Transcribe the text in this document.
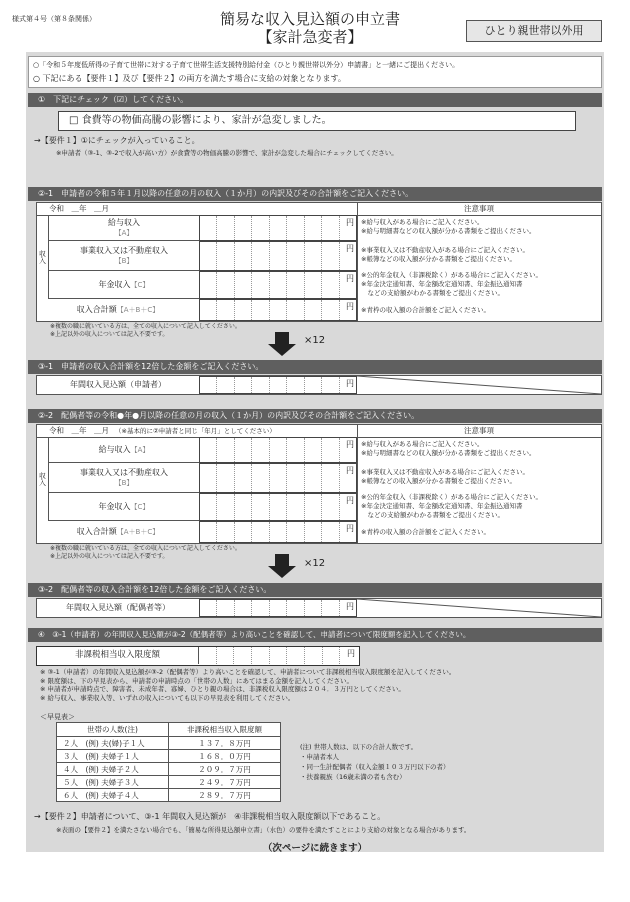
様式第４号（第８条関係）	簡易な収入見込額の申立書
【家計急変者】	ひとり親世帯以外用
○「令和５年度低所得の子育て世帯に対する子育て世帯生活支援特別給付金（ひとり親世帯以外分）申請書」と一緒にご提出ください。
○ 下記にある【要件１】及び【要件２】の両方を満たす場合に支給の対象となります。
①　下記にチェック（☑）してください。
□ 食費等の物価高騰の影響により、家計が急変しました。
→【要件１】①にチェックが入っていること。
※申請者（③-1、③-2で収入が高い方）が食費等の物価高騰の影響で、家計が急変した場合にチェックしてください。
②-1　申請者の令和５年１月以降の任意の月の収入（１か月）の内訳及びその合計額をご記入ください。
令和　＿年　＿月	注意事項
収入
給与収入
【A】
円 ※給与収入がある場合にご記入ください。
※給与明細書などの収入額が分かる書類をご提出ください。
事業収入又は不動産収入
【B】
円 ※事業収入又は不動産収入がある場合にご記入ください。
※帳簿などの収入額が分かる書類をご提出ください。
年金収入【C】
円 ※公的年金収入（非課税除く）がある場合にご記入ください。
※年金決定通知書、年金額改定通知書、年金振込通知書
　などの支給額がわかる書類をご提出ください。
収入合計額【A＋B＋C】	円 ※青枠の収入額の合計額をご記入ください。
※複数の職に就いている方は、全ての収入について記入してください。
※上記以外の収入については記入不要です。
×12
③-1　申請者の収入合計額を12倍した金額をご記入ください。
年間収入見込額（申請者）	円
②-2　配偶者等の令和●年●月以降の任意の月の収入（１か月）の内訳及びその合計額をご記入ください。
令和　＿年　＿月 （※基本的に②申請者と同じ「年月」としてください）	注意事項
収入
給与収入【A】
円 ※給与収入がある場合にご記入ください。
※給与明細書などの収入額が分かる書類をご提出ください。
事業収入又は不動産収入
【B】
円 ※事業収入又は不動産収入がある場合にご記入ください。
※帳簿などの収入額が分かる書類をご提出ください。
年金収入【C】
円 ※公的年金収入（非課税除く）がある場合にご記入ください。
※年金決定通知書、年金額改定通知書、年金振込通知書
　などの支給額がわかる書類をご提出ください。
収入合計額【A＋B＋C】	円 ※青枠の収入額の合計額をご記入ください。
※複数の職に就いている方は、全ての収入について記入してください。
※上記以外の収入については記入不要です。
×12
③-2　配偶者等の収入合計額を12倍した金額をご記入ください。
年間収入見込額（配偶者等）	円
④　③-1（申請者）の年間収入見込額が③-2（配偶者等）より高いことを確認して、申請者について限度額を記入してください。
非課税相当収入限度額	円
※ ③-1（申請者）の年間収入見込額が③-2（配偶者等）より高いことを確認して、申請者について非課税相当収入限度額を記入してください。
※ 限度額は、下の早見表から、申請者の申請時点の「世帯の人数」にあてはまる金額を記入してください。
※ 申請者が申請時点で、障害者、未成年者、寡婦、ひとり親の場合は、非課税収入限度額は２０４．３万円としてください。
※ 給与収入、事業収入等、いずれの収入についても以下の早見表を利用してください。
＜早見表＞
世帯の人数(注)	非課税相当収入限度額
２人　(例) 夫(婦)子１人	１３７．８万円
３人　(例) 夫婦子１人	１６８．０万円
４人　(例) 夫婦子２人	２０９．７万円
５人　(例) 夫婦子３人	２４９．７万円
６人　(例) 夫婦子４人	２８９．７万円
(注) 世帯人数は、以下の合計人数です。
・申請者本人
・同一生計配偶者（収入金額１０３万円以下の者）
・扶養親族（16歳未満の者も含む）
→【要件２】申請者について、③-1 年間収入見込額が　④非課税相当収入限度額以下であること。
※表面の【要件２】を満たさない場合でも、「簡易な所得見込額申立書」（水色）の要件を満たすことにより支給の対象となる場合があります。
（次ページに続きます）
